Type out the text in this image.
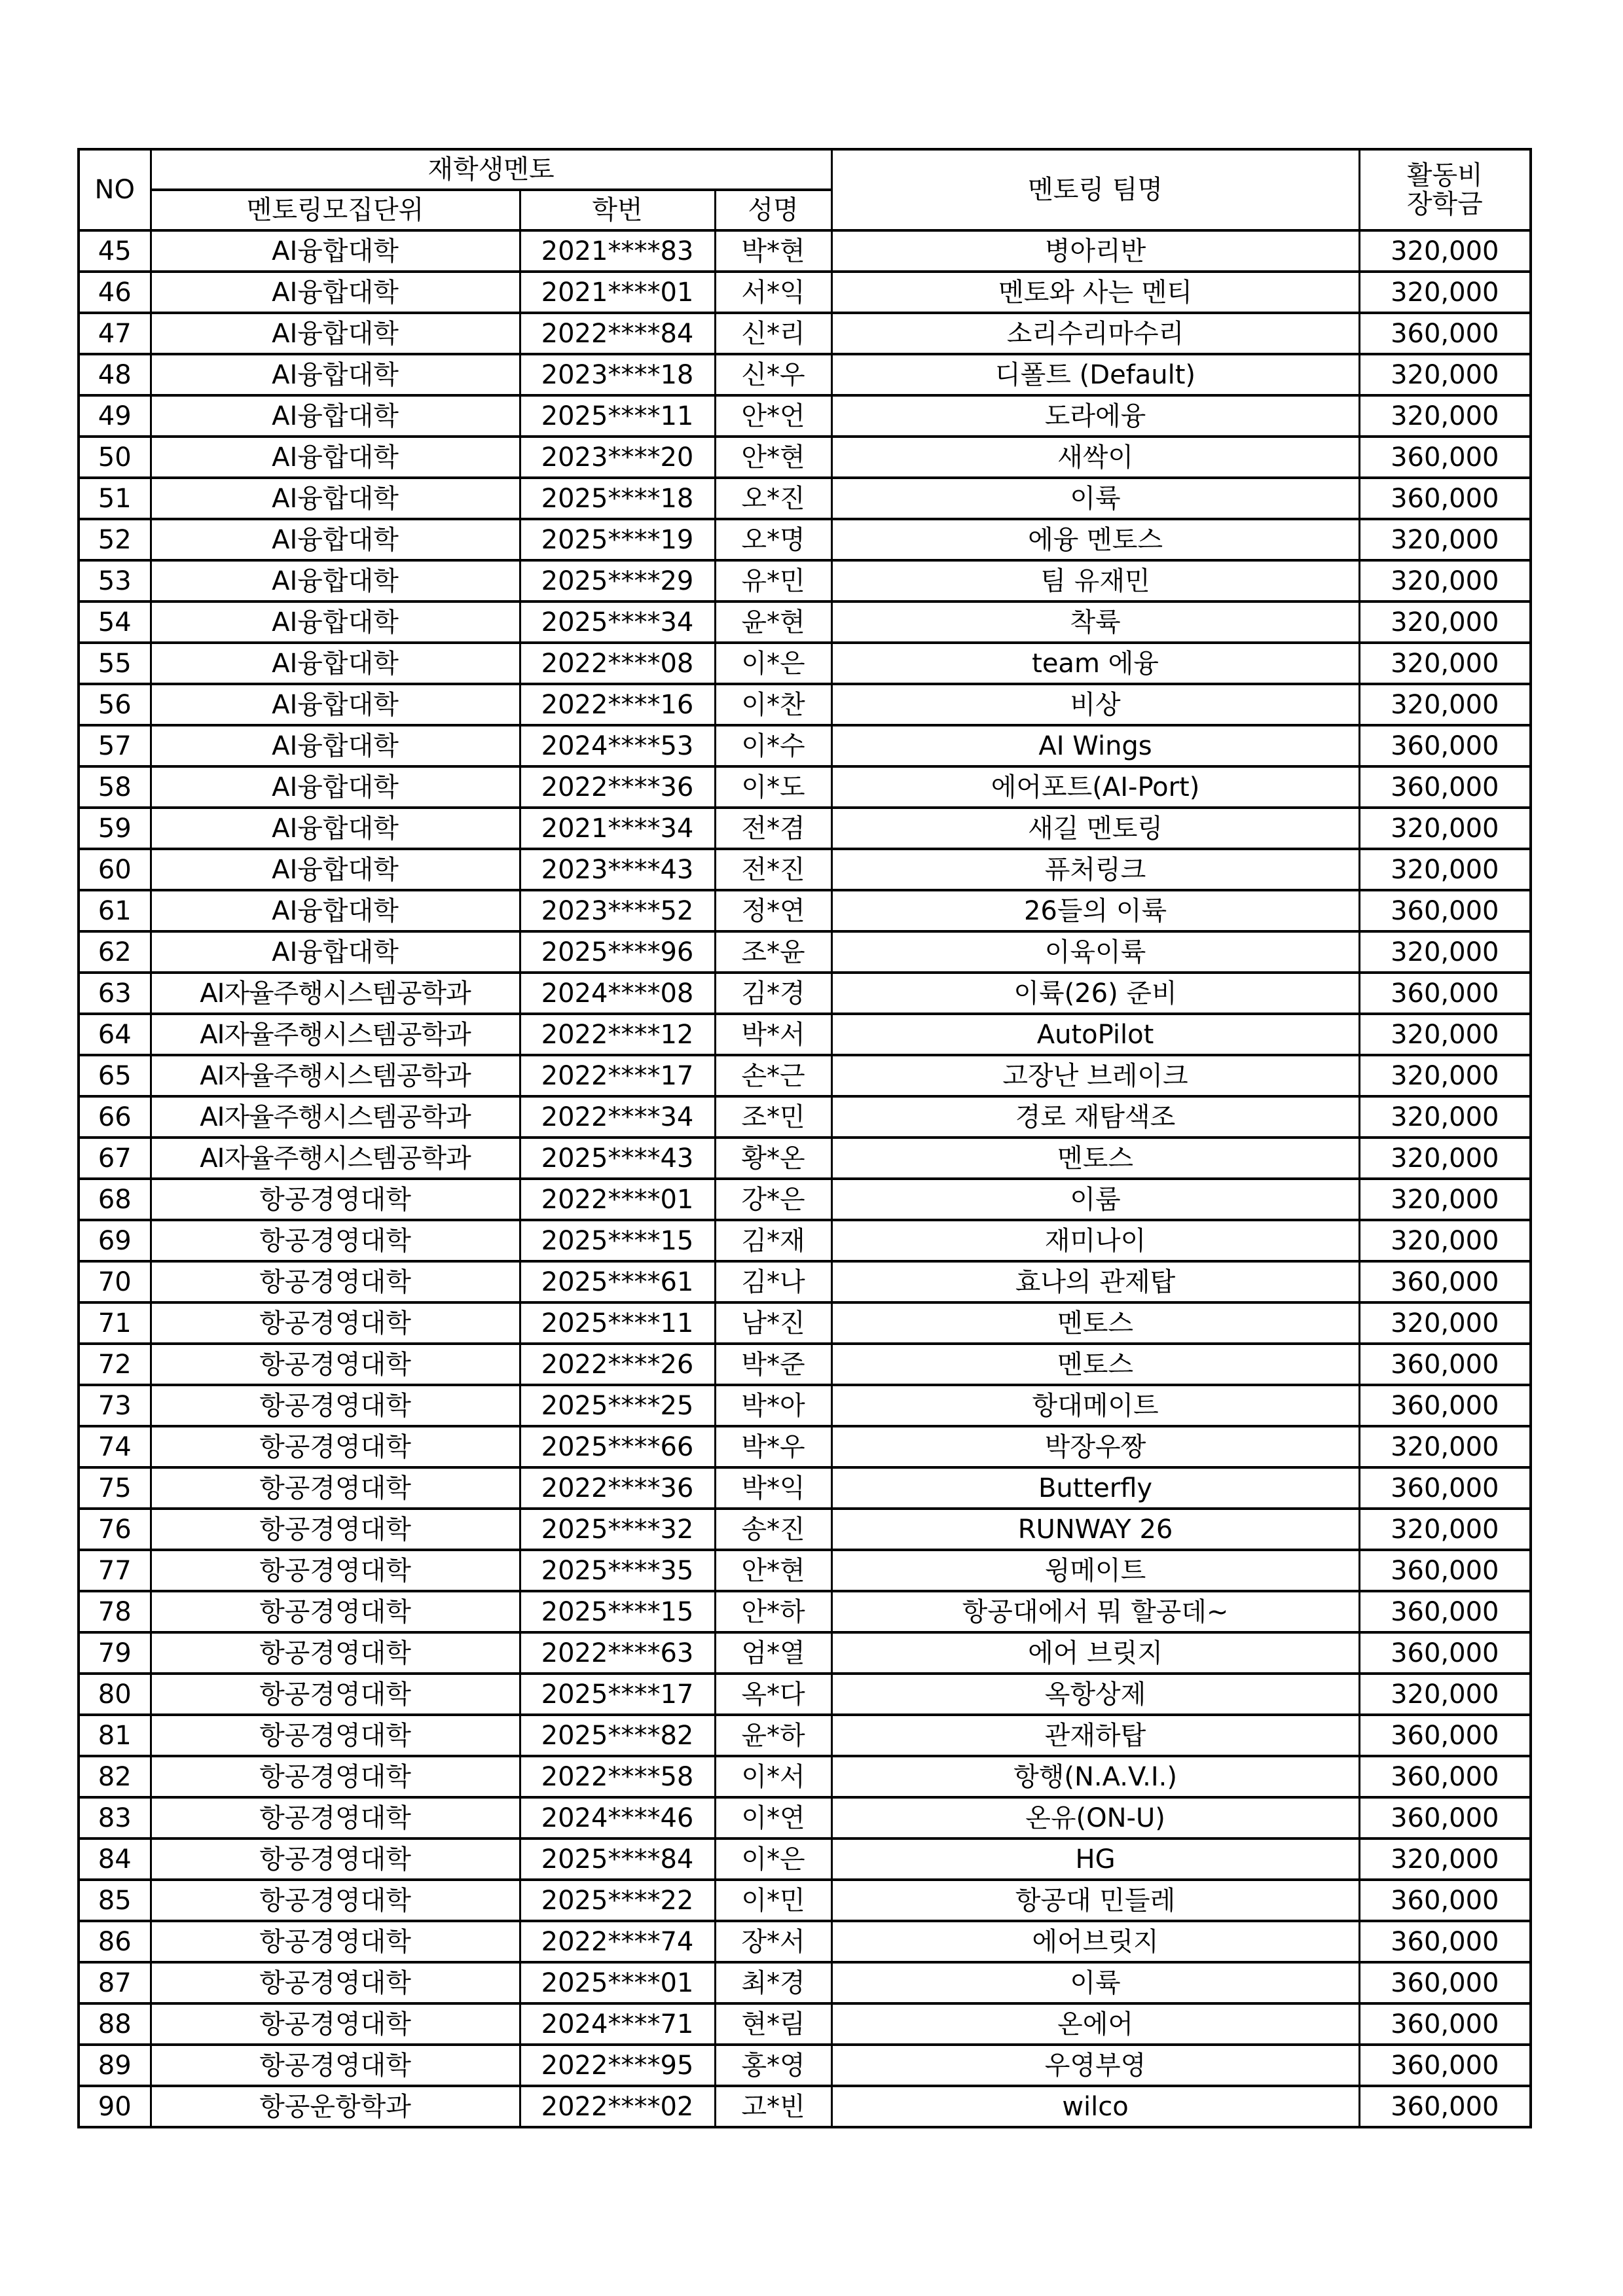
NO	재학생멘토			멘토링 팀명	활동비
장학금
	멘토링모집단위	학번	성명		
45	AI융합대학	2021****83	박*현	병아리반	320,000
46	AI융합대학	2021****01	서*익	멘토와 사는 멘티	320,000
47	AI융합대학	2022****84	신*리	소리수리마수리	360,000
48	AI융합대학	2023****18	신*우	디폴트 (Default)	320,000
49	AI융합대학	2025****11	안*언	도라에융	320,000
50	AI융합대학	2023****20	안*현	새싹이	360,000
51	AI융합대학	2025****18	오*진	이륙	360,000
52	AI융합대학	2025****19	오*명	에융 멘토스	320,000
53	AI융합대학	2025****29	유*민	팀 유재민	320,000
54	AI융합대학	2025****34	윤*현	착륙	320,000
55	AI융합대학	2022****08	이*은	team 에융	320,000
56	AI융합대학	2022****16	이*찬	비상	320,000
57	AI융합대학	2024****53	이*수	AI Wings	360,000
58	AI융합대학	2022****36	이*도	에어포트(AI-Port)	360,000
59	AI융합대학	2021****34	전*겸	새길 멘토링	320,000
60	AI융합대학	2023****43	전*진	퓨처링크	320,000
61	AI융합대학	2023****52	정*연	26들의 이륙	360,000
62	AI융합대학	2025****96	조*윤	이육이륙	320,000
63	AI자율주행시스템공학과	2024****08	김*경	이륙(26) 준비	360,000
64	AI자율주행시스템공학과	2022****12	박*서	AutoPilot	320,000
65	AI자율주행시스템공학과	2022****17	손*근	고장난 브레이크	320,000
66	AI자율주행시스템공학과	2022****34	조*민	경로 재탐색조	320,000
67	AI자율주행시스템공학과	2025****43	황*온	멘토스	320,000
68	항공경영대학	2022****01	강*은	이룸	320,000
69	항공경영대학	2025****15	김*재	재미나이	320,000
70	항공경영대학	2025****61	김*나	효나의 관제탑	360,000
71	항공경영대학	2025****11	남*진	멘토스	320,000
72	항공경영대학	2022****26	박*준	멘토스	360,000
73	항공경영대학	2025****25	박*아	항대메이트	360,000
74	항공경영대학	2025****66	박*우	박장우짱	320,000
75	항공경영대학	2022****36	박*익	Butterfly	360,000
76	항공경영대학	2025****32	송*진	RUNWAY 26	320,000
77	항공경영대학	2025****35	안*현	윙메이트	360,000
78	항공경영대학	2025****15	안*하	항공대에서 뭐 할공데~	360,000
79	항공경영대학	2022****63	엄*열	에어 브릿지	360,000
80	항공경영대학	2025****17	옥*다	옥항상제	320,000
81	항공경영대학	2025****82	윤*하	관재하탑	360,000
82	항공경영대학	2022****58	이*서	항행(N.A.V.I.)	360,000
83	항공경영대학	2024****46	이*연	온유(ON-U)	360,000
84	항공경영대학	2025****84	이*은	HG	320,000
85	항공경영대학	2025****22	이*민	항공대 민들레	360,000
86	항공경영대학	2022****74	장*서	에어브릿지	360,000
87	항공경영대학	2025****01	최*경	이륙	360,000
88	항공경영대학	2024****71	현*림	온에어	360,000
89	항공경영대학	2022****95	홍*영	우영부영	360,000
90	항공운항학과	2022****02	고*빈	wilco	360,000
